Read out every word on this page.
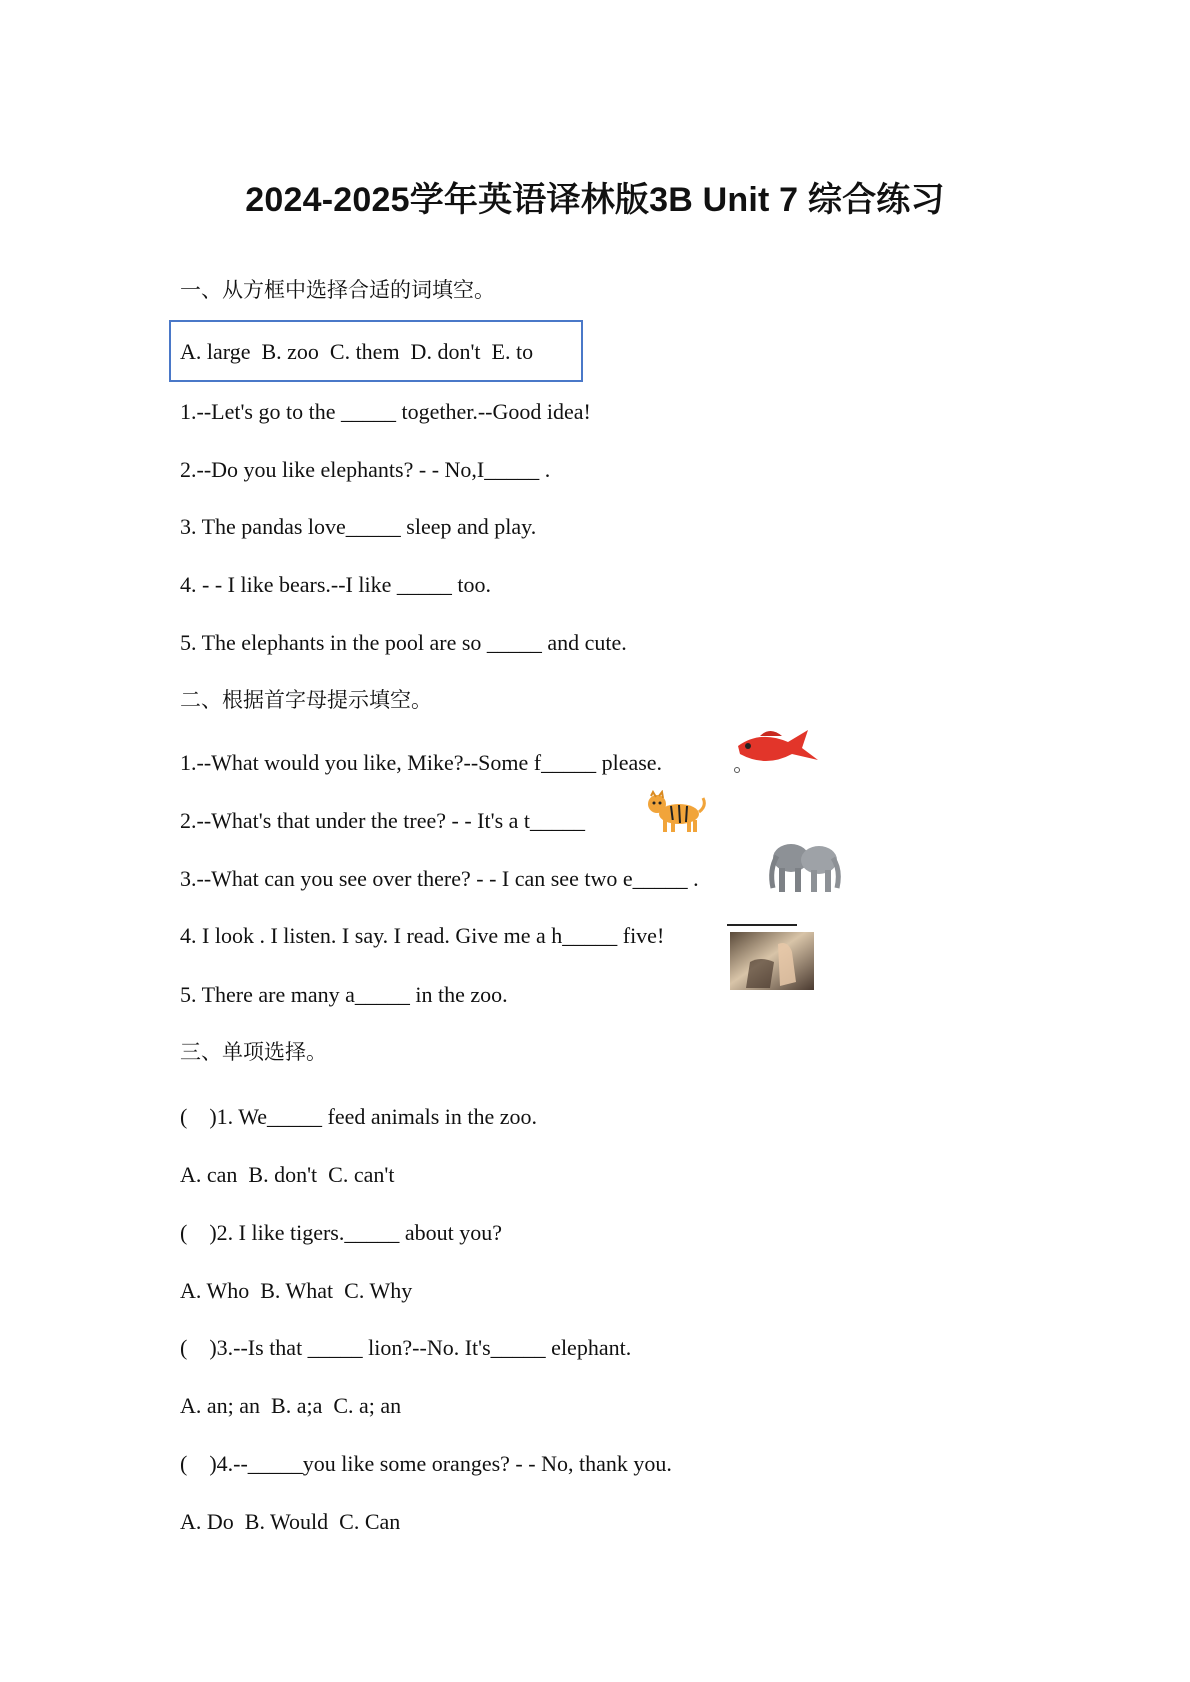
2024-2025学年英语译林版3B Unit 7 综合练习
一、从方框中选择合适的词填空。
A. large  B. zoo  C. them  D. don't  E. to
1.--Let's go to the _____ together.--Good idea!
2.--Do you like elephants? - - No,I_____ .
3. The pandas love_____ sleep and play.
4. - - I like bears.--I like _____ too.
5. The elephants in the pool are so _____ and cute.
二、根据首字母提示填空。
1.--What would you like, Mike?--Some f_____ please.
2.--What's that under the tree? - - It's a t_____
3.--What can you see over there? - - I can see two e_____ .
4. I look . I listen. I say. I read. Give me a h_____ five!
5. There are many a_____ in the zoo.
三、单项选择。
(    )1. We_____ feed animals in the zoo.
A. can  B. don't  C. can't
(    )2. I like tigers._____ about you?
A. Who  B. What  C. Why
(    )3.--Is that _____ lion?--No. It's_____ elephant.
A. an; an  B. a;a  C. a; an
(    )4.--_____you like some oranges? - - No, thank you.
A. Do  B. Would  C. Can
